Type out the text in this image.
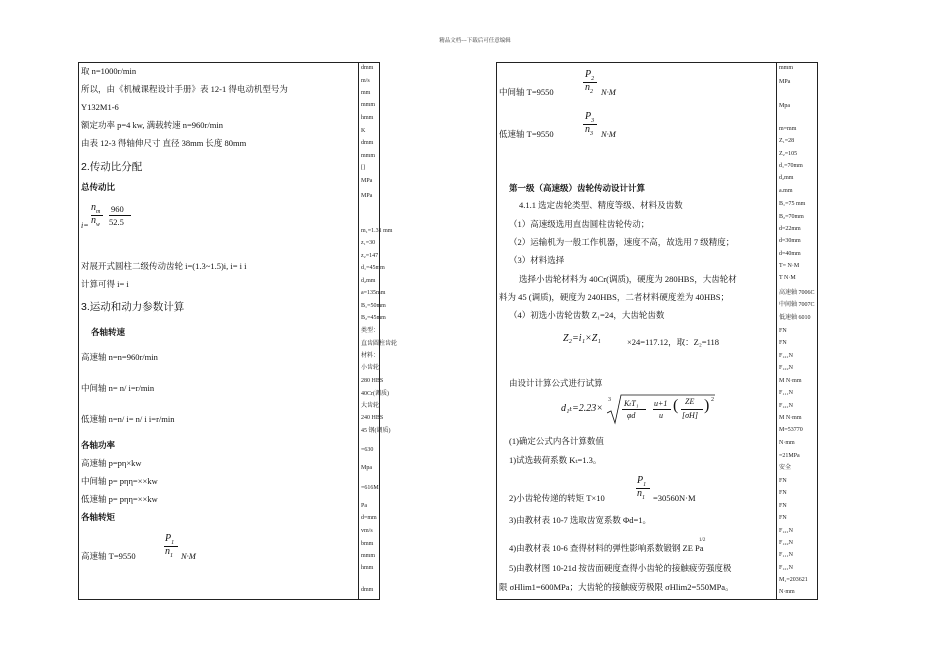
精品文档---下载后可任意编辑
取 n=1000r/min
所以，由《机械课程设计手册》表 12-1 得电动机型号为
Y132M1-6
额定功率 p=4 kw, 满载转速 n=960r/min
由表 12-3 得轴伸尺寸 直径 38mm 长度 80mm
2.传动比分配
总传动比
$n_m$
$i= n_w$
960
52.5
对展开式圆柱二级传动齿轮 i=(1.3~1.5)i, i= i i
计算可得 i= i
3.运动和动力参数计算
各轴转速
高速轴 n=n=960r/min
中间轴 n= n/ i=r/min
低速轴 n=n/ i= n/ i i=r/min
各轴功率
高速轴 p=pη×kw
中间轴 p= pηη=××kw
低速轴 p= pηη=××kw
各轴转矩
$P_1$
高速轴 T=9550	$n_1$ N·M
dmm
m/s
mm
mmm
hmm
K
dmm
mmm
[]
MPa
MPa
m₁=1.31 mm
z₁=30
z₂=147
d₁=45mm
d₂mm
a=135mm
B₁=50mm
B₂=45mm
类型：
直齿圆柱齿轮
材料：
小齿轮
280 HBS
40Cr(调质)
大齿轮
240 HBS
45 钢(调质)
=630
Mpa
=616M
Pa
d=mm
vm/s
bmm
mmm
hmm
dmm
$P_2$
中间轴 T=9550	$n_2$ N·M
$P_3$
低速轴 T=9550	$n_3$ N·M
第一级（高速级）齿轮传动设计计算
4.1.1 选定齿轮类型、精度等级、材料及齿数
（1）高速级选用直齿圆柱齿轮传动；
（2）运输机为一般工作机器，速度不高，故选用 7 级精度；
（3）材料选择
选择小齿轮材料为 40Cr(调质)，硬度为 280HBS，大齿轮材
料为 45 (调质)，硬度为 240HBS，二者材料硬度差为 40HBS；
（4）初选小齿轮齿数 Z₁=24，大齿轮齿数
Z₂=i₁×Z₁	×24=117.12，取：Z₂=118
由设计计算公式进行试算
d₁ₜ=2.23×
3 KₜT₁
φd
u+1
u
( ZE
[σH]
) 2
(1)确定公式内各计算数值
1)试选载荷系数 Kₜ=1.3。
$P_1$
2)小齿轮传递的转矩 T×10	$n_1 =30560N\cdot M$
3)由教材表 10-7 选取齿宽系数 Φd=1。
4)由教材表 10-6 查得材料的弹性影响系数锻钢 ZE Pa
1/2
5)由教材图 10-21d 按齿面硬度查得小齿轮的接触疲劳强度极
限 σHlim1=600MPa；大齿轮的接触疲劳极限 σHlim2=550MPa。
mmm
MPa
Mpa
m=mm
Z₁=28
Z₂=105
d₁=70mm
d₂mm
a.mm
B₁=75 mm
B₂=70mm
d=22mm
d=30mm
d=40mm
T= N·M
T N·M
高速轴 7006C
中间轴 7007C
低速轴 6010
FN
FN
F₁₂₁N
F₁₂₂N
M N·mm
F₁₁₁N
F₁₂₁N
M N·mm
M=53770
N·mm
=21MPa
安全
FN
FN
FN
FN
F₁₂₁N
F₁₂₂N
F₁₁₁N
F₁₂₁N
M₁=203621
N·mm
